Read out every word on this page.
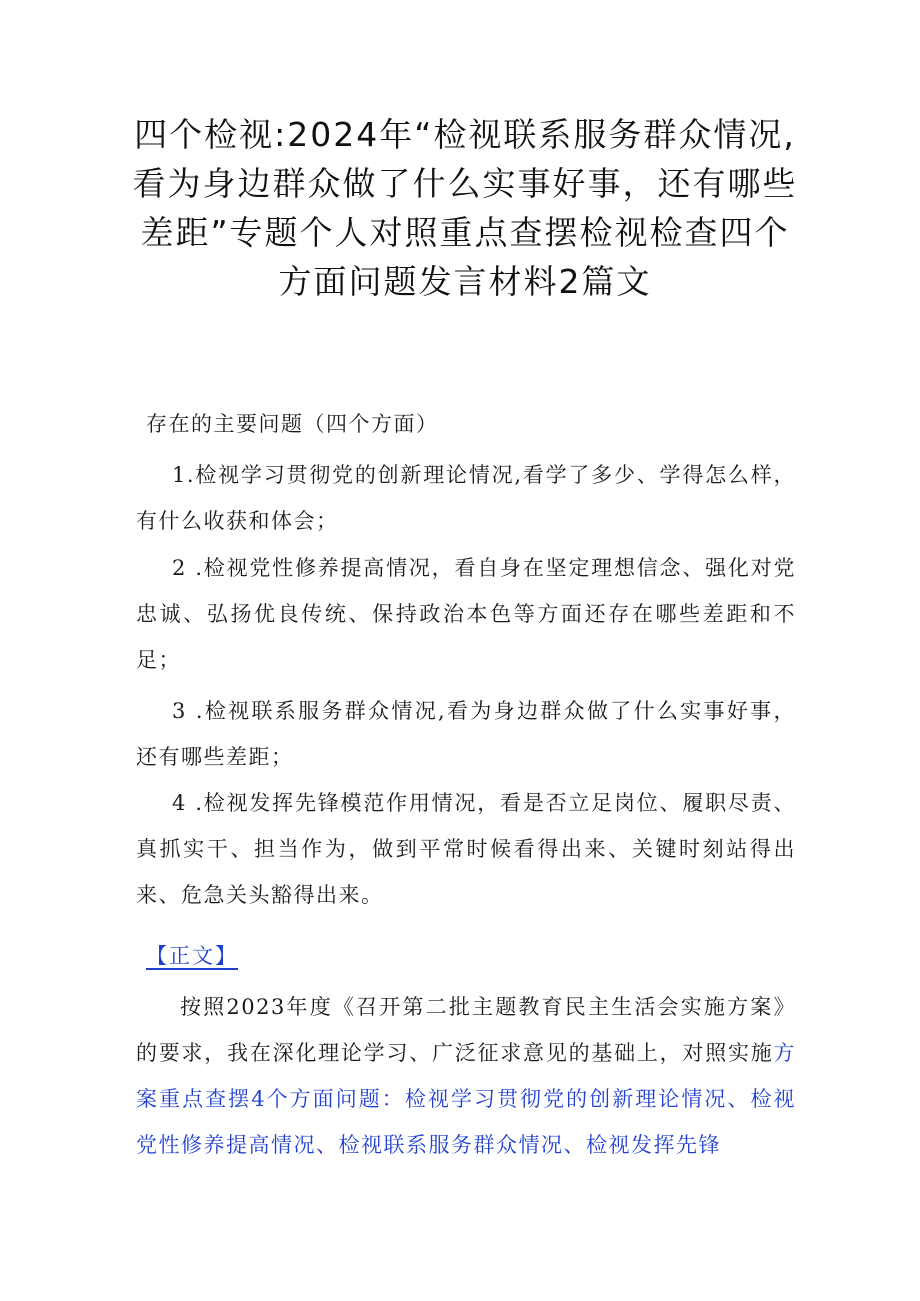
四个检视:2024年“检视联系服务群众情况,
看为身边群众做了什么实事好事，还有哪些
差距”专题个人对照重点查摆检视检查四个
方面问题发言材料2篇文
存在的主要问题（四个方面）
1.检视学习贯彻党的创新理论情况,看学了多少、学得怎么样，有什么收获和体会；
2 .检视党性修养提高情况，看自身在坚定理想信念、强化对党忠诚、弘扬优良传统、保持政治本色等方面还存在哪些差距和不足；
3 .检视联系服务群众情况,看为身边群众做了什么实事好事，还有哪些差距；
4 .检视发挥先锋模范作用情况，看是否立足岗位、履职尽责、真抓实干、担当作为，做到平常时候看得出来、关键时刻站得出来、危急关头豁得出来。
【正文】
按照2023年度《召开第二批主题教育民主生活会实施方案》的要求，我在深化理论学习、广泛征求意见的基础上，对照实施方案重点查摆4个方面问题：检视学习贯彻党的创新理论情况、检视党性修养提高情况、检视联系服务群众情况、检视发挥先锋
